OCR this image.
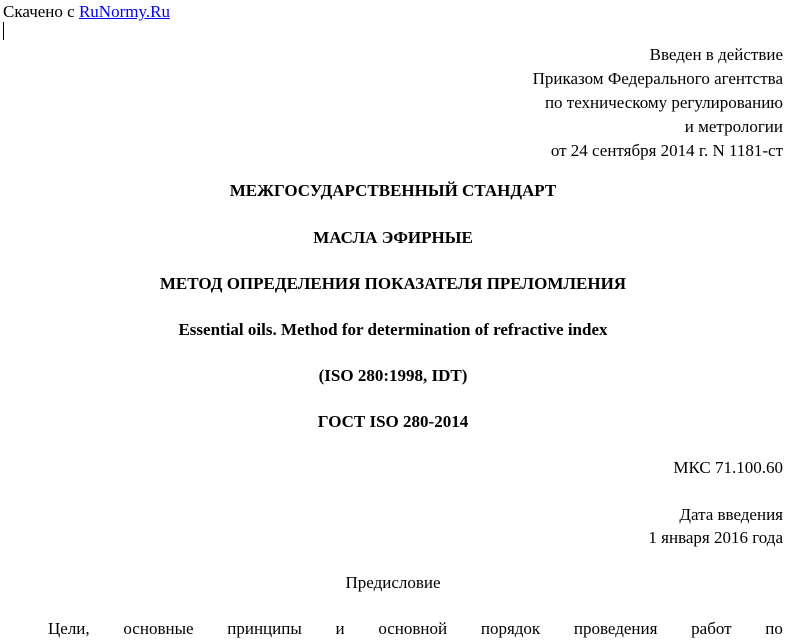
Скачено с RuNormy.Ru
Введен в действие
Приказом Федерального агентства
по техническому регулированию
и метрологии
от 24 сентября 2014 г. N 1181-ст
МЕЖГОСУДАРСТВЕННЫЙ СТАНДАРТ
МАСЛА ЭФИРНЫЕ
МЕТОД ОПРЕДЕЛЕНИЯ ПОКАЗАТЕЛЯ ПРЕЛОМЛЕНИЯ
Essential oils. Method for determination of refractive index
(ISO 280:1998, IDT)
ГОСТ ISO 280-2014
МКС 71.100.60
Дата введения
1 января 2016 года
Предисловие
Цели, основные принципы и основной порядок проведения работ по
